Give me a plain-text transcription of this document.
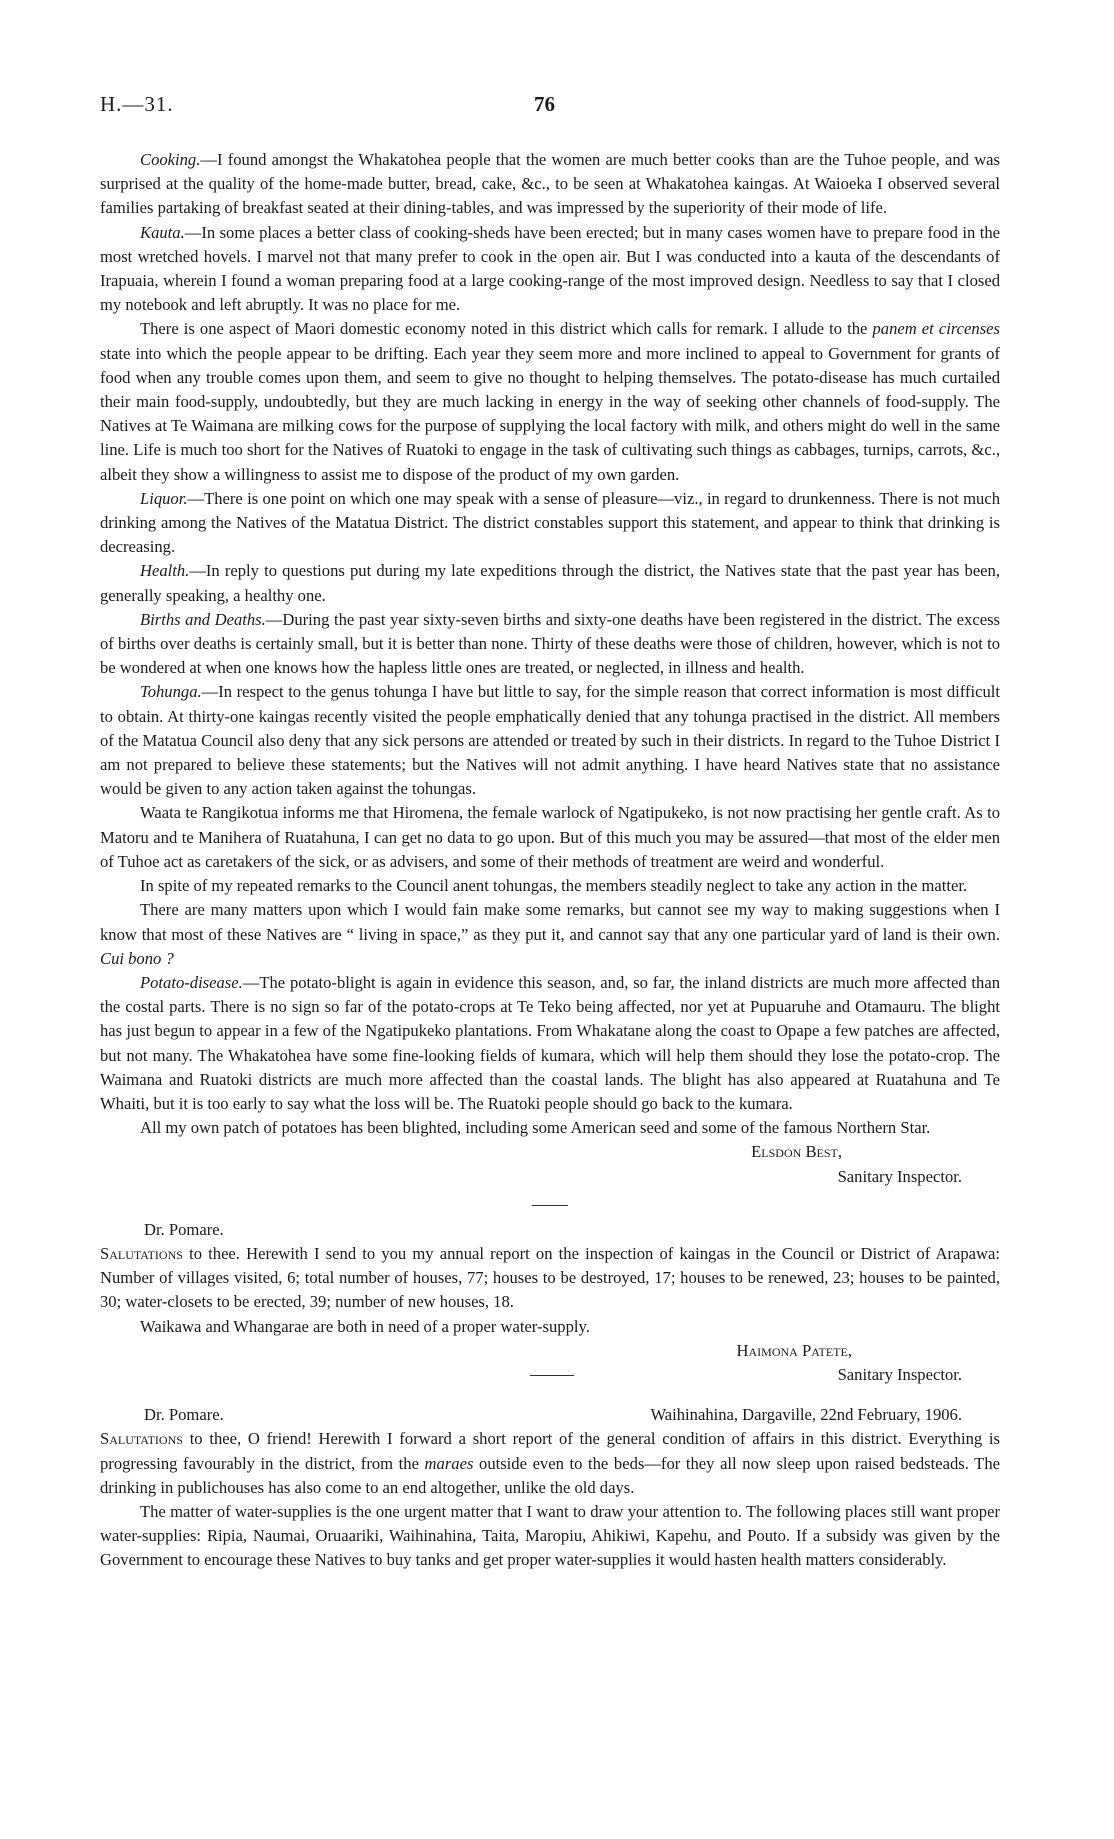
H.—31.	76

Cooking.—I found amongst the Whakatohea people that the women are much better cooks than are the Tuhoe people, and was surprised at the quality of the home-made butter, bread, cake, &c., to be seen at Whakatohea kaingas. At Waioeka I observed several families partaking of breakfast seated at their dining-tables, and was impressed by the superiority of their mode of life.

Kauta.—In some places a better class of cooking-sheds have been erected; but in many cases women have to prepare food in the most wretched hovels. I marvel not that many prefer to cook in the open air. But I was conducted into a kauta of the descendants of Irapuaia, wherein I found a woman preparing food at a large cooking-range of the most improved design. Needless to say that I closed my notebook and left abruptly. It was no place for me.

There is one aspect of Maori domestic economy noted in this district which calls for remark. I allude to the panem et circenses state into which the people appear to be drifting. Each year they seem more and more inclined to appeal to Government for grants of food when any trouble comes upon them, and seem to give no thought to helping themselves. The potato-disease has much curtailed their main food-supply, undoubtedly, but they are much lacking in energy in the way of seeking other channels of food-supply. The Natives at Te Waimana are milking cows for the purpose of supplying the local factory with milk, and others might do well in the same line. Life is much too short for the Natives of Ruatoki to engage in the task of cultivating such things as cabbages, turnips, carrots, &c., albeit they show a willingness to assist me to dispose of the product of my own garden.

Liquor.—There is one point on which one may speak with a sense of pleasure—viz., in regard to drunkenness. There is not much drinking among the Natives of the Matatua District. The district constables support this statement, and appear to think that drinking is decreasing.

Health.—In reply to questions put during my late expeditions through the district, the Natives state that the past year has been, generally speaking, a healthy one.

Births and Deaths.—During the past year sixty-seven births and sixty-one deaths have been registered in the district. The excess of births over deaths is certainly small, but it is better than none. Thirty of these deaths were those of children, however, which is not to be wondered at when one knows how the hapless little ones are treated, or neglected, in illness and health.

Tohunga.—In respect to the genus tohunga I have but little to say, for the simple reason that correct information is most difficult to obtain. At thirty-one kaingas recently visited the people emphatically denied that any tohunga practised in the district. All members of the Matatua Council also deny that any sick persons are attended or treated by such in their districts. In regard to the Tuhoe District I am not prepared to believe these statements; but the Natives will not admit anything. I have heard Natives state that no assistance would be given to any action taken against the tohungas.

Waata te Rangikotua informs me that Hiromena, the female warlock of Ngatipukeko, is not now practising her gentle craft. As to Matoru and te Manihera of Ruatahuna, I can get no data to go upon. But of this much you may be assured—that most of the elder men of Tuhoe act as caretakers of the sick, or as advisers, and some of their methods of treatment are weird and wonderful.

In spite of my repeated remarks to the Council anent tohungas, the members steadily neglect to take any action in the matter.

There are many matters upon which I would fain make some remarks, but cannot see my way to making suggestions when I know that most of these Natives are “ living in space,” as they put it, and cannot say that any one particular yard of land is their own. Cui bono ?

Potato-disease.—The potato-blight is again in evidence this season, and, so far, the inland districts are much more affected than the costal parts. There is no sign so far of the potato-crops at Te Teko being affected, nor yet at Pupuaruhe and Otamauru. The blight has just begun to appear in a few of the Ngatipukeko plantations. From Whakatane along the coast to Opape a few patches are affected, but not many. The Whakatohea have some fine-looking fields of kumara, which will help them should they lose the potato-crop. The Waimana and Ruatoki districts are much more affected than the coastal lands. The blight has also appeared at Ruatahuna and Te Whaiti, but it is too early to say what the loss will be. The Ruatoki people should go back to the kumara.

All my own patch of potatoes has been blighted, including some American seed and some of the famous Northern Star.

Elsdon Best,
Sanitary Inspector.
Dr. Pomare.

Salutations to thee. Herewith I send to you my annual report on the inspection of kaingas in the Council or District of Arapawa: Number of villages visited, 6; total number of houses, 77; houses to be destroyed, 17; houses to be renewed, 23; houses to be painted, 30; water-closets to be erected, 39; number of new houses, 18.

Waikawa and Whangarae are both in need of a proper water-supply.

Haimona Patete,
Sanitary Inspector.
Dr. Pomare.	Waihinahina, Dargaville, 22nd February, 1906.

Salutations to thee, O friend! Herewith I forward a short report of the general condition of affairs in this district. Everything is progressing favourably in the district, from the maraes outside even to the beds—for they all now sleep upon raised bedsteads. The drinking in publichouses has also come to an end altogether, unlike the old days.

The matter of water-supplies is the one urgent matter that I want to draw your attention to. The following places still want proper water-supplies: Ripia, Naumai, Oruaariki, Waihinahina, Taita, Maropiu, Ahikiwi, Kapehu, and Pouto. If a subsidy was given by the Government to encourage these Natives to buy tanks and get proper water-supplies it would hasten health matters considerably.
